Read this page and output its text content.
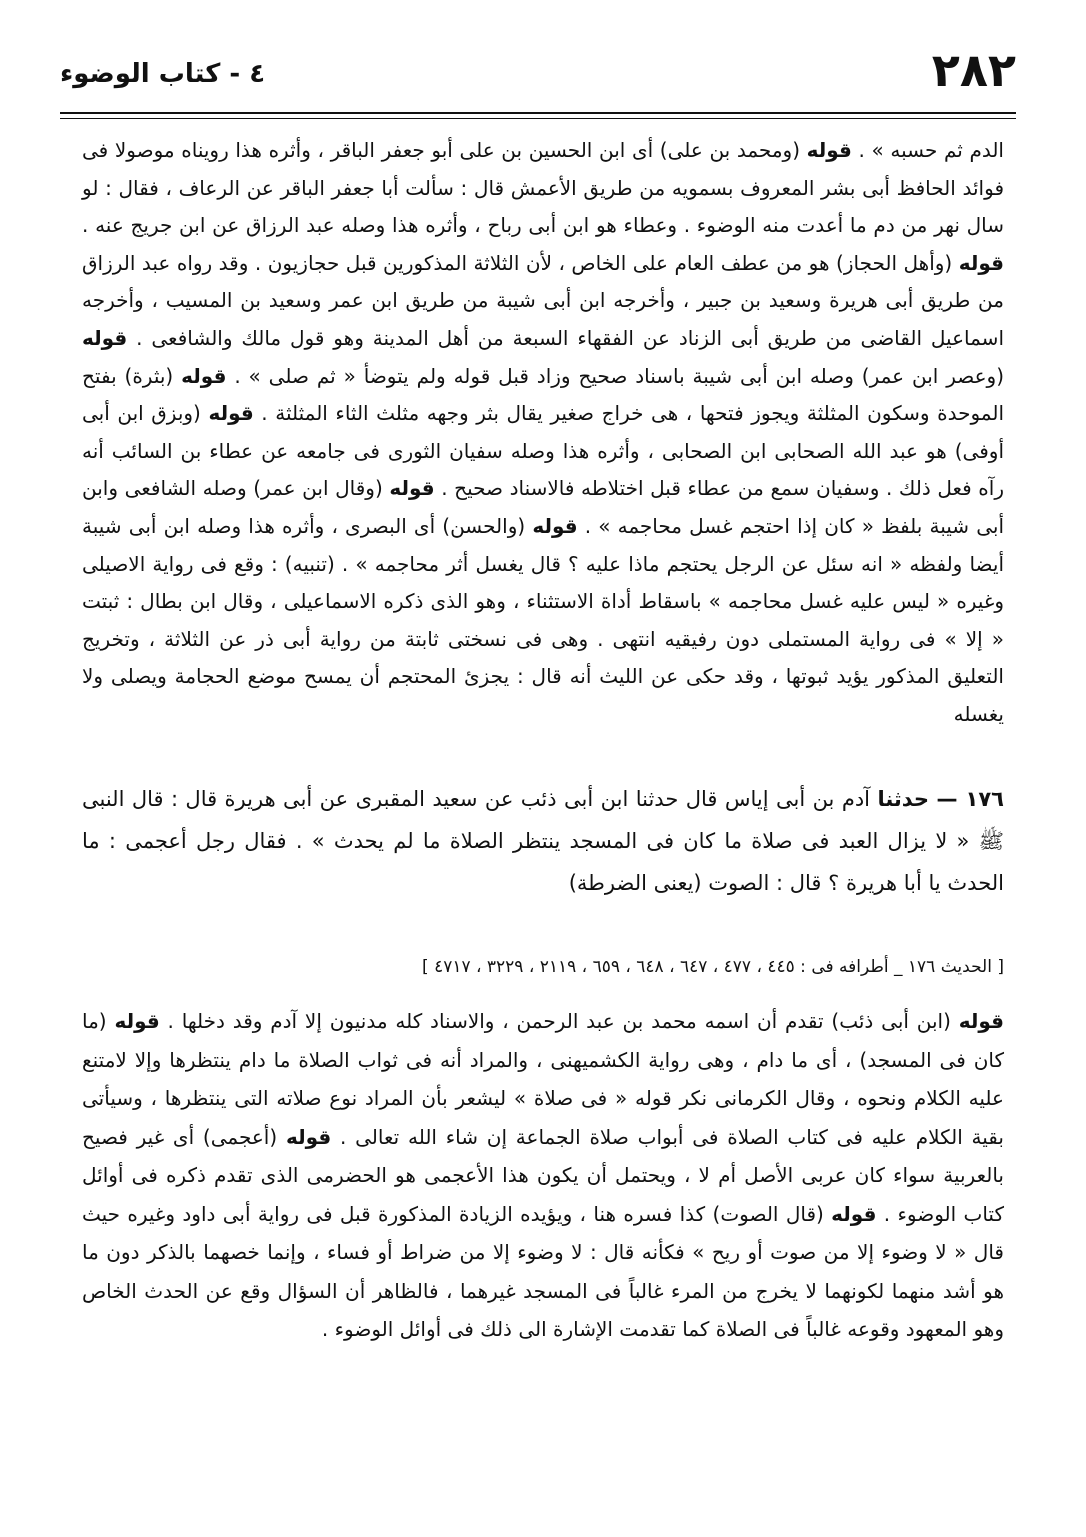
٢٨٢
٤ - كتاب الوضوء
الدم ثم حسبه » . قوله (ومحمد بن على) أى ابن الحسين بن على أبو جعفر الباقر ، وأثره هذا رويناه موصولا فى فوائد الحافظ أبى بشر المعروف بسمويه من طريق الأعمش قال : سألت أبا جعفر الباقر عن الرعاف ، فقال : لو سال نهر من دم ما أعدت منه الوضوء . وعطاء هو ابن أبى رباح ، وأثره هذا وصله عبد الرزاق عن ابن جريج عنه . قوله (وأهل الحجاز) هو من عطف العام على الخاص ، لأن الثلاثة المذكورين قبل حجازيون . وقد رواه عبد الرزاق من طريق أبى هريرة وسعيد بن جبير ، وأخرجه ابن أبى شيبة من طريق ابن عمر وسعيد بن المسيب ، وأخرجه اسماعيل القاضى من طريق أبى الزناد عن الفقهاء السبعة من أهل المدينة وهو قول مالك والشافعى . قوله (وعصر ابن عمر) وصله ابن أبى شيبة باسناد صحيح وزاد قبل قوله ولم يتوضأ « ثم صلى » . قوله (بثرة) بفتح الموحدة وسكون المثلثة ويجوز فتحها ، هى خراج صغير يقال بثر وجهه مثلث الثاء المثلثة . قوله (وبزق ابن أبى أوفى) هو عبد الله الصحابى ابن الصحابى ، وأثره هذا وصله سفيان الثورى فى جامعه عن عطاء بن السائب أنه رآه فعل ذلك . وسفيان سمع من عطاء قبل اختلاطه فالاسناد صحيح . قوله (وقال ابن عمر) وصله الشافعى وابن أبى شيبة بلفظ « كان إذا احتجم غسل محاجمه » . قوله (والحسن) أى البصرى ، وأثره هذا وصله ابن أبى شيبة أيضا ولفظه « انه سئل عن الرجل يحتجم ماذا عليه ؟ قال يغسل أثر محاجمه » . (تنبيه) : وقع فى رواية الاصيلى وغيره « ليس عليه غسل محاجمه » باسقاط أداة الاستثناء ، وهو الذى ذكره الاسماعيلى ، وقال ابن بطال : ثبتت « إلا » فى رواية المستملى دون رفيقيه انتهى . وهى فى نسختى ثابتة من رواية أبى ذر عن الثلاثة ، وتخريج التعليق المذكور يؤيد ثبوتها ، وقد حكى عن الليث أنه قال : يجزئ المحتجم أن يمسح موضع الحجامة ويصلى ولا يغسله
١٧٦ — حدثنا آدم بن أبى إياس قال حدثنا ابن أبى ذئب عن سعيد المقبرى عن أبى هريرة قال : قال النبى ﷺ « لا يزال العبد فى صلاة ما كان فى المسجد ينتظر الصلاة ما لم يحدث » . فقال رجل أعجمى : ما الحدث يا أبا هريرة ؟ قال : الصوت (يعنى الضرطة)
[ الحديث ١٧٦ _ أطرافه فى : ٤٤٥ ، ٤٧٧ ، ٦٤٧ ، ٦٤٨ ، ٦٥٩ ، ٢١١٩ ، ٣٢٢٩ ، ٤٧١٧ ]
قوله (ابن أبى ذئب) تقدم أن اسمه محمد بن عبد الرحمن ، والاسناد كله مدنيون إلا آدم وقد دخلها . قوله (ما كان فى المسجد) ، أى ما دام ، وهى رواية الكشميهنى ، والمراد أنه فى ثواب الصلاة ما دام ينتظرها وإلا لامتنع عليه الكلام ونحوه ، وقال الكرمانى نكر قوله « فى صلاة » ليشعر بأن المراد نوع صلاته التى ينتظرها ، وسيأتى بقية الكلام عليه فى كتاب الصلاة فى أبواب صلاة الجماعة إن شاء الله تعالى . قوله (أعجمى) أى غير فصيح بالعربية سواء كان عربى الأصل أم لا ، ويحتمل أن يكون هذا الأعجمى هو الحضرمى الذى تقدم ذكره فى أوائل كتاب الوضوء . قوله (قال الصوت) كذا فسره هنا ، ويؤيده الزيادة المذكورة قبل فى رواية أبى داود وغيره حيث قال « لا وضوء إلا من صوت أو ريح » فكأنه قال : لا وضوء إلا من ضراط أو فساء ، وإنما خصهما بالذكر دون ما هو أشد منهما لكونهما لا يخرج من المرء غالباً فى المسجد غيرهما ، فالظاهر أن السؤال وقع عن الحدث الخاص وهو المعهود وقوعه غالباً فى الصلاة كما تقدمت الإشارة الى ذلك فى أوائل الوضوء .
